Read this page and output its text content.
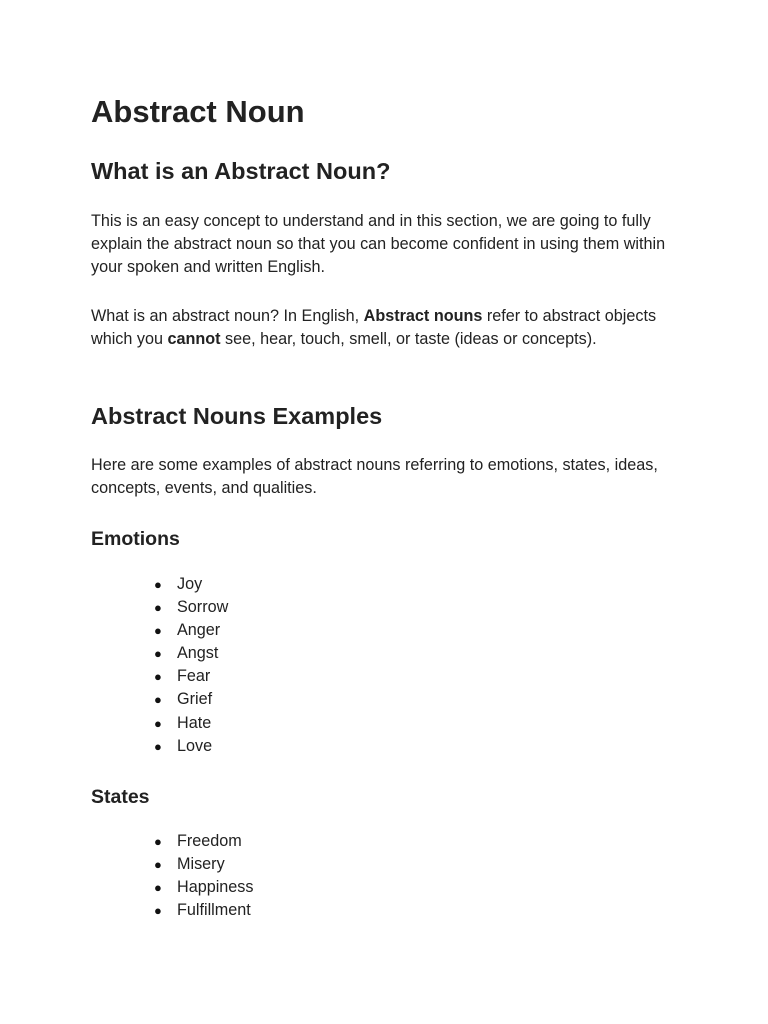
Abstract Noun
What is an Abstract Noun?

This is an easy concept to understand and in this section, we are going to fully explain the abstract noun so that you can become confident in using them within your spoken and written English.

What is an abstract noun? In English, Abstract nouns refer to abstract objects which you cannot see, hear, touch, smell, or taste (ideas or concepts).

Abstract Nouns Examples

Here are some examples of abstract nouns referring to emotions, states, ideas, concepts, events, and qualities.

Emotions
● Joy
● Sorrow
● Anger
● Angst
● Fear
● Grief
● Hate
● Love
States
● Freedom
● Misery
● Happiness
● Fulfillment
